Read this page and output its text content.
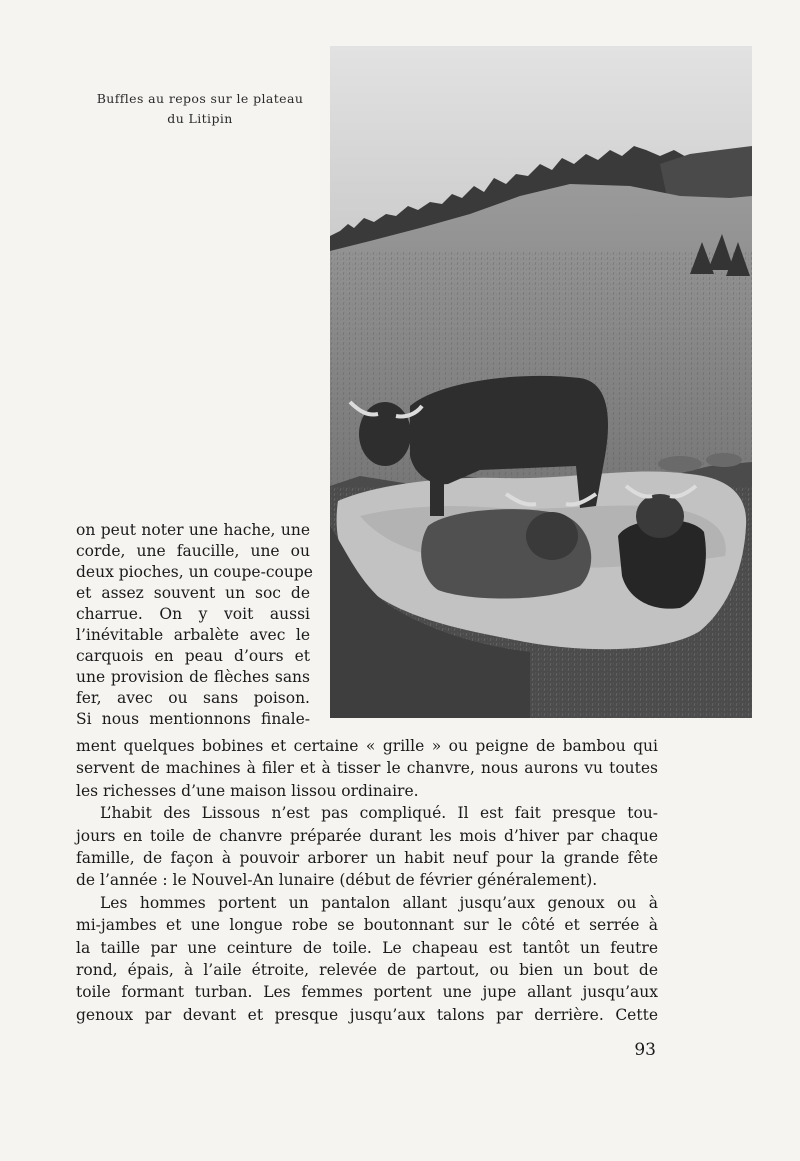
Buffles au repos sur le plateau
du Litipin
on peut noter une hache, une
corde, une faucille, une ou
deux pioches, un coupe-coupe
et assez souvent un soc de
charrue. On y voit aussi
l’inévitable arbalète avec le
carquois en peau d’ours et
une provision de flèches sans
fer, avec ou sans poison.
Si nous mentionnons finale-
ment quelques bobines et certaine « grille » ou peigne de bambou qui
servent de machines à filer et à tisser le chanvre, nous aurons vu toutes
les richesses d’une maison lissou ordinaire.
L’habit des Lissous n’est pas compliqué. Il est fait presque tou-
jours en toile de chanvre préparée durant les mois d’hiver par chaque
famille, de façon à pouvoir arborer un habit neuf pour la grande fête
de l’année : le Nouvel-An lunaire (début de février généralement).
Les hommes portent un pantalon allant jusqu’aux genoux ou à
mi-jambes et une longue robe se boutonnant sur le côté et serrée à
la taille par une ceinture de toile. Le chapeau est tantôt un feutre
rond, épais, à l’aile étroite, relevée de partout, ou bien un bout de
toile formant turban. Les femmes portent une jupe allant jusqu’aux
genoux par devant et presque jusqu’aux talons par derrière. Cette
93
